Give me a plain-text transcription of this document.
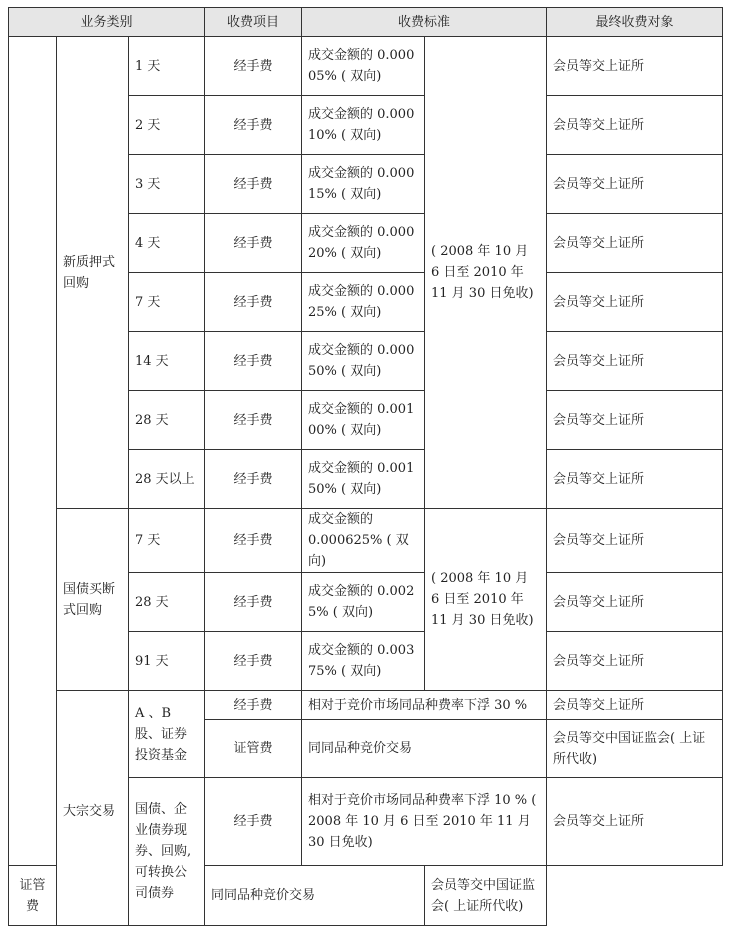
业务类别			收费项目	收费标准		最终收费对象
	新质押式回购	1 天	经手费	成交金额的 0.000 05% ( 双向)	( 2008 年 10 月 6 日至 2010 年 11 月 30 日免收)	会员等交上证所
		2 天	经手费	成交金额的 0.000 10% ( 双向)		会员等交上证所
		3 天	经手费	成交金额的 0.000 15% ( 双向)		会员等交上证所
		4 天	经手费	成交金额的 0.000 20% ( 双向)		会员等交上证所
		7 天	经手费	成交金额的 0.000 25% ( 双向)		会员等交上证所
		14 天	经手费	成交金额的 0.000 50% ( 双向)		会员等交上证所
		28 天	经手费	成交金额的 0.001 00% ( 双向)		会员等交上证所
		28 天以上	经手费	成交金额的 0.001 50% ( 双向)		会员等交上证所
	国债买断式回购	7 天	经手费	成交金额的 0.000625% ( 双向)	( 2008 年 10 月 6 日至 2010 年 11 月 30 日免收)	会员等交上证所
		28 天	经手费	成交金额的 0.002 5% ( 双向)		会员等交上证所
		91 天	经手费	成交金额的 0.003 75% ( 双向)		会员等交上证所
	大宗交易	A 、B 股、证券投资基金	经手费	相对于竞价市场同品种费率下浮 30 %		会员等交上证所
			证管费	同同品种竞价交易		会员等交中国证监会( 上证所代收)
		国债、企业债券现券、回购,可转换公司债券	经手费	相对于竞价市场同品种费率下浮 10 % ( 2008 年 10 月 6 日至 2010 年 11 月 30 日免收)		会员等交上证所
证管费			同同品种竞价交易		会员等交中国证监会( 上证所代收)	
